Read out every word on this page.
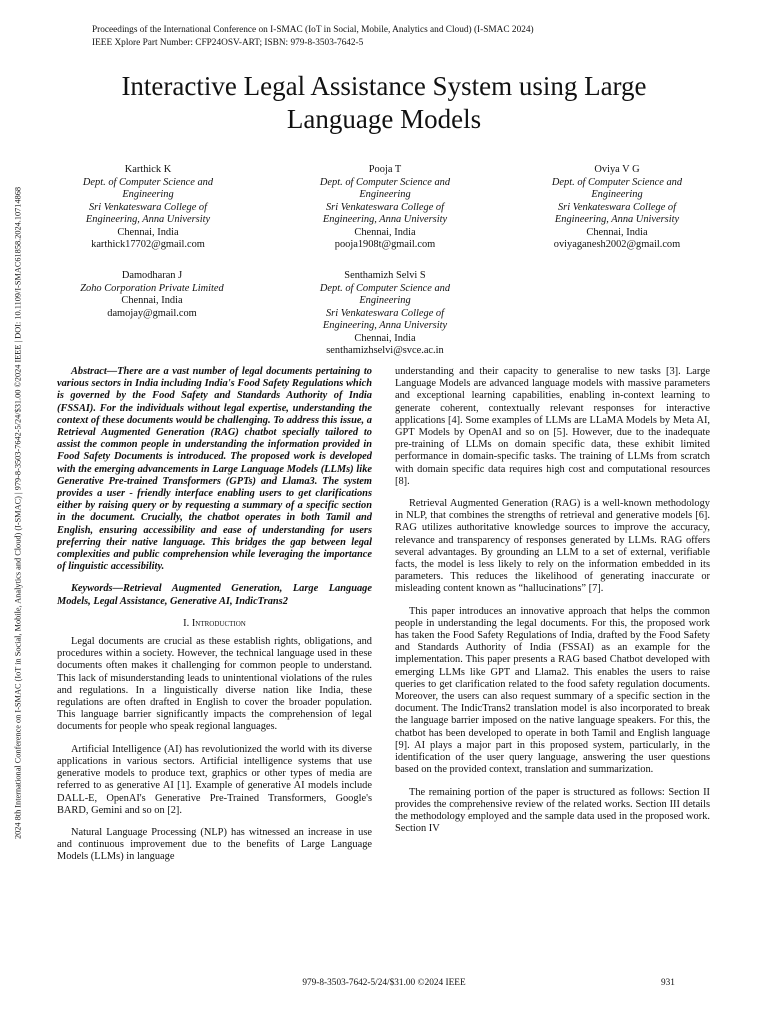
Proceedings of the International Conference on I-SMAC (IoT in Social, Mobile, Analytics and Cloud) (I-SMAC 2024)
IEEE Xplore Part Number: CFP24OSV-ART; ISBN: 979-8-3503-7642-5
2024 8th International Conference on I-SMAC (IoT in Social, Mobile, Analytics and Cloud) (I-SMAC) | 979-8-3503-7642-5/24/$31.00 ©2024 IEEE | DOI: 10.1109/I-SMAC61858.2024.10714868
Interactive Legal Assistance System using Large
Language Models
Karthick K
Dept. of Computer Science and
Engineering
Sri Venkateswara College of
Engineering, Anna University
Chennai, India
karthick17702@gmail.com
Pooja T
Dept. of Computer Science and
Engineering
Sri Venkateswara College of
Engineering, Anna University
Chennai, India
pooja1908t@gmail.com
Oviya V G
Dept. of Computer Science and
Engineering
Sri Venkateswara College of
Engineering, Anna University
Chennai, India
oviyaganesh2002@gmail.com
Damodharan J
Zoho Corporation Private Limited
Chennai, India
damojay@gmail.com
Senthamizh Selvi S
Dept. of Computer Science and
Engineering
Sri Venkateswara College of
Engineering, Anna University
Chennai, India
senthamizhselvi@svce.ac.in

Abstract—There are a vast number of legal documents pertaining to various sectors in India including India's Food Safety Regulations which is governed by the Food Safety and Standards Authority of India (FSSAI). For the individuals without legal expertise, understanding the context of these documents would be challenging. To address this issue, a Retrieval Augmented Generation (RAG) chatbot specially tailored to assist the common people in understanding the information provided in Food Safety Documents is introduced. The proposed work is developed with the emerging advancements in Large Language Models (LLMs) like Generative Pre-trained Transformers (GPTs) and Llama3. The system provides a user - friendly interface enabling users to get clarifications either by raising query or by requesting a summary of a specific section in the document. Crucially, the chatbot operates in both Tamil and English, ensuring accessibility and ease of understanding for users preferring their native language. This bridges the gap between legal complexities and public comprehension while leveraging the importance of linguistic accessibility.

Keywords—Retrieval Augmented Generation, Large Language Models, Legal Assistance, Generative AI, IndicTrans2

I. Introduction

Legal documents are crucial as these establish rights, obligations, and procedures within a society. However, the technical language used in these documents often makes it challenging for common people to understand. This lack of misunderstanding leads to unintentional violations of the rules and regulations. In a linguistically diverse nation like India, these regulations are often drafted in English to cover the broader population. This language barrier significantly impacts the comprehension of legal documents for people who speak regional languages.

Artificial Intelligence (AI) has revolutionized the world with its diverse applications in various sectors. Artificial intelligence systems that use generative models to produce text, graphics or other types of media are referred to as generative AI [1]. Example of generative AI models include DALL-E, OpenAI's Generative Pre-Trained Transformers, Google's BARD, Gemini and so on [2].

Natural Language Processing (NLP) has witnessed an increase in use and continuous improvement due to the benefits of Large Language Models (LLMs) in language

understanding and their capacity to generalise to new tasks [3]. Large Language Models are advanced language models with massive parameters and exceptional learning capabilities, enabling in-context learning to generate coherent, contextually relevant responses for interactive applications [4]. Some examples of LLMs are LLaMA Models by Meta AI, GPT Models by OpenAI and so on [5]. However, due to the inadequate pre-training of LLMs on domain specific data, these exhibit limited performance in domain-specific tasks. The training of LLMs from scratch with domain specific data requires high cost and computational resources [8].

Retrieval Augmented Generation (RAG) is a well-known methodology in NLP, that combines the strengths of retrieval and generative models [6]. RAG utilizes authoritative knowledge sources to improve the accuracy, relevance and transparency of responses generated by LLMs. RAG offers several advantages. By grounding an LLM to a set of external, verifiable facts, the model is less likely to rely on the information embedded in its parameters. This reduces the likelihood of generating inaccurate or misleading content known as “hallucinations” [7].

This paper introduces an innovative approach that helps the common people in understanding the legal documents. For this, the proposed work has taken the Food Safety Regulations of India, drafted by the Food Safety and Standards Authority of India (FSSAI) as an example for the implementation. This paper presents a RAG based Chatbot developed with emerging LLMs like GPT and Llama2. This enables the users to raise queries to get clarification related to the food safety regulation documents. Moreover, the users can also request summary of a specific section in the document. The IndicTrans2 translation model is also incorporated to break the language barrier imposed on the native language speakers. For this, the chatbot has been developed to operate in both Tamil and English language [9]. AI plays a major part in this proposed system, particularly, in the identification of the user query language, answering the user questions based on the provided context, translation and summarization.

The remaining portion of the paper is structured as follows: Section II provides the comprehensive review of the related works. Section III details the methodology employed and the sample data used in the proposed work. Section IV

979-8-3503-7642-5/24/$31.00 ©2024 IEEE	931
